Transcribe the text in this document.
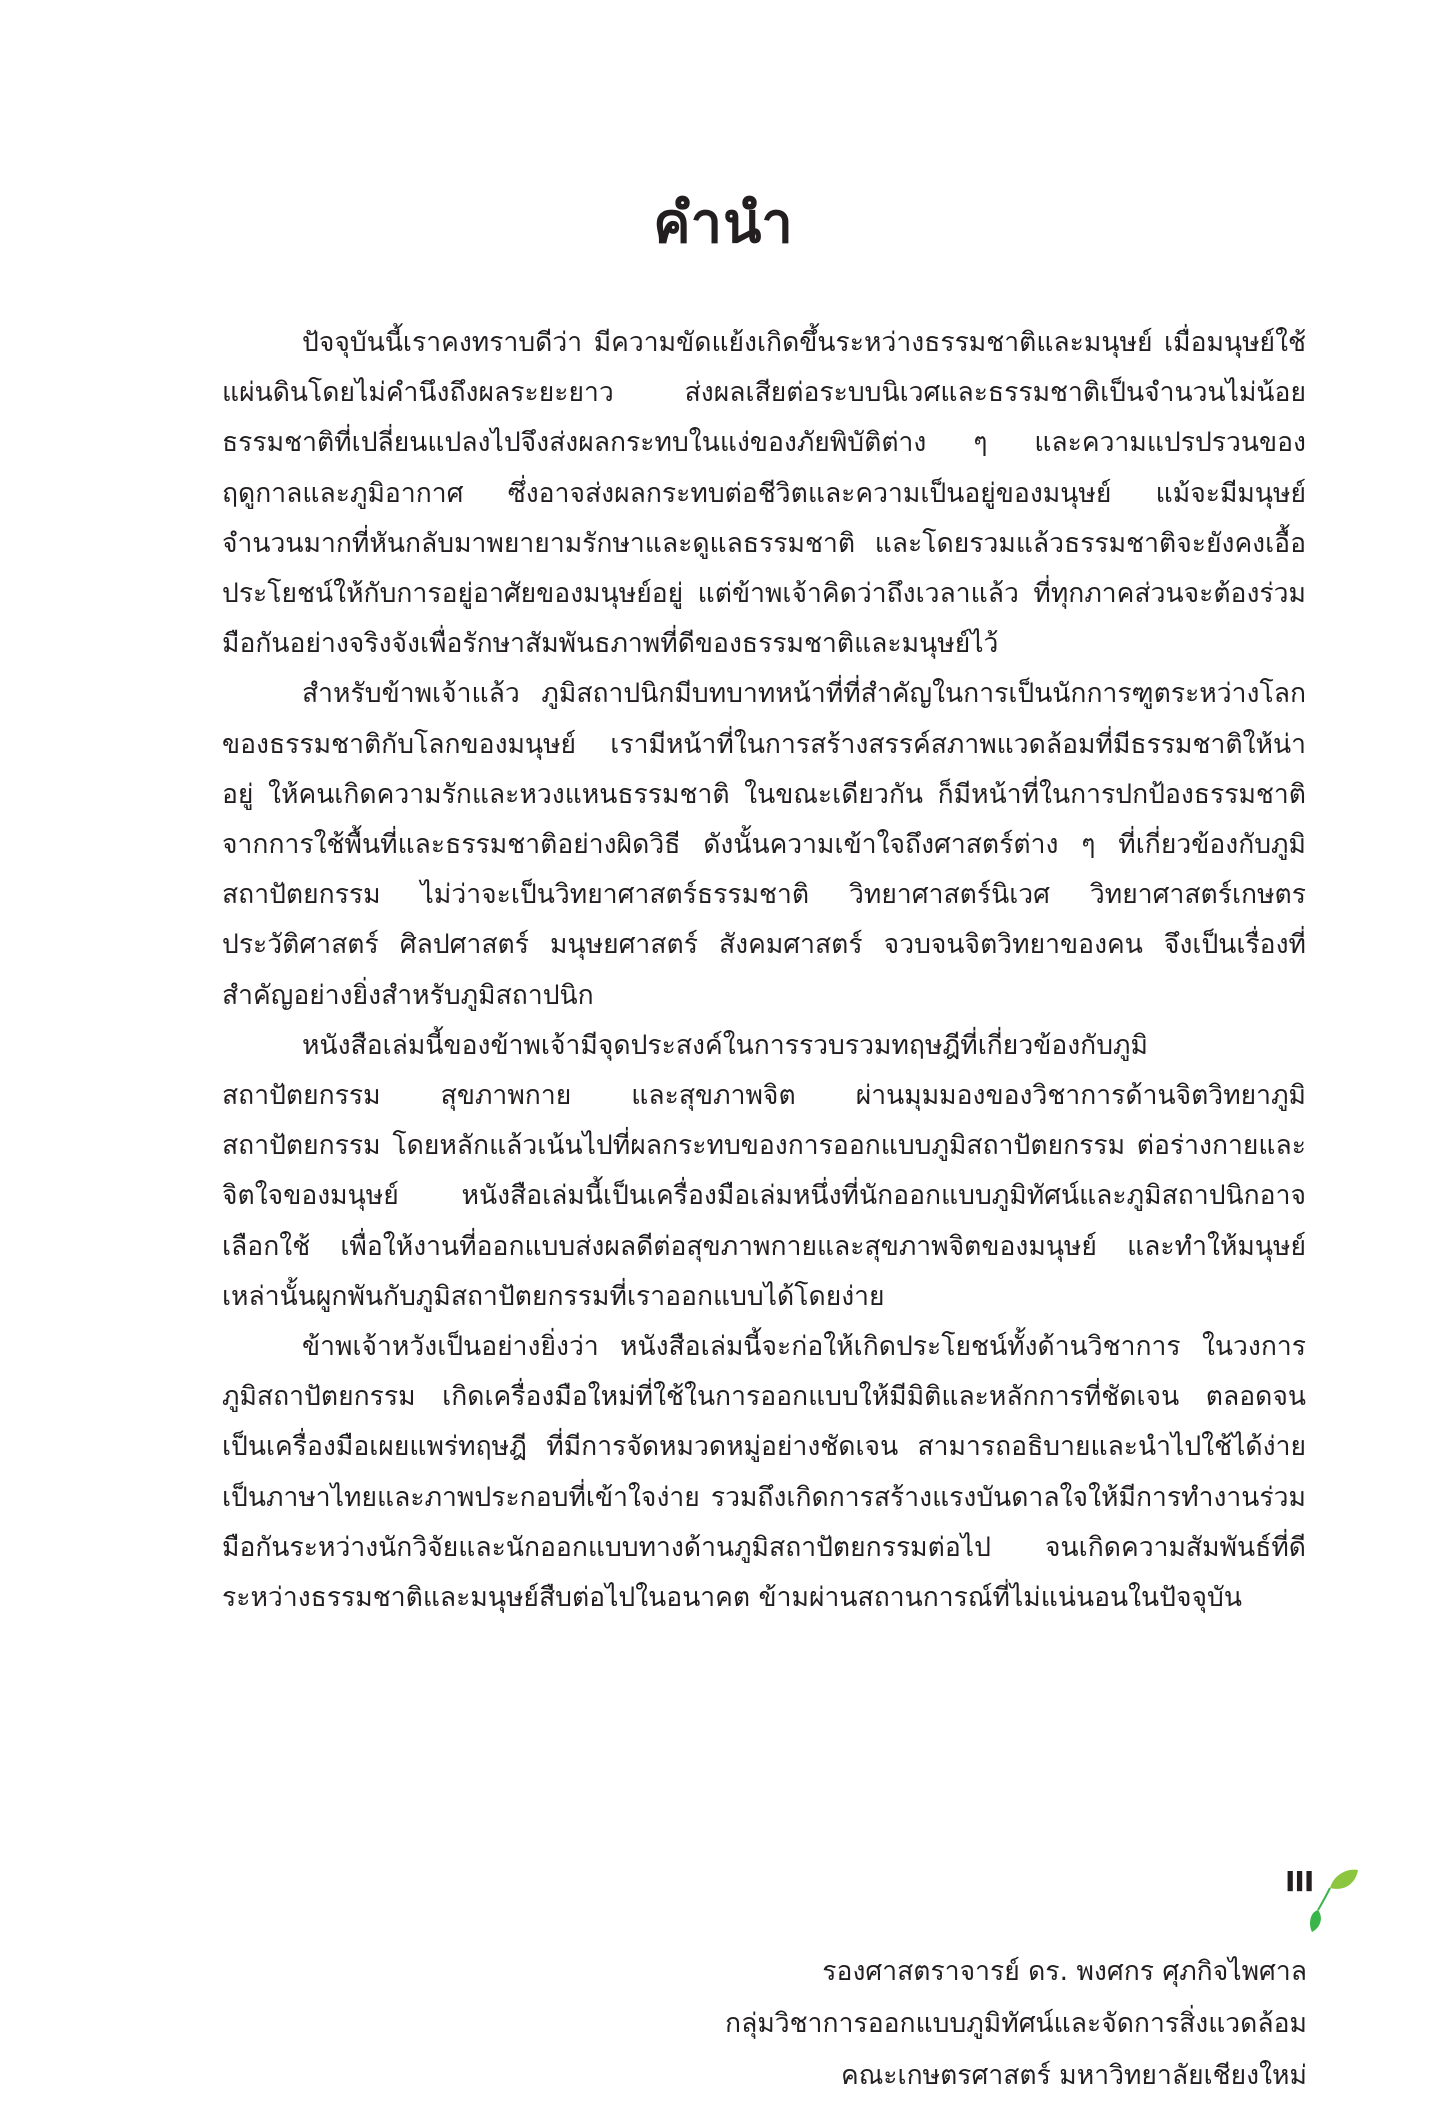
คำนำ

ปัจจุบันนี้เราคงทราบดีว่า มีความขัดแย้งเกิดขึ้นระหว่างธรรมชาติและมนุษย์ เมื่อมนุษย์ใช้แผ่นดินโดยไม่คำนึงถึงผลระยะยาว ส่งผลเสียต่อระบบนิเวศและธรรมชาติเป็นจำนวนไม่น้อย ธรรมชาติที่เปลี่ยนแปลงไปจึงส่งผลกระทบในแง่ของภัยพิบัติต่าง ๆ และความแปรปรวนของฤดูกาลและภูมิอากาศ ซึ่งอาจส่งผลกระทบต่อชีวิตและความเป็นอยู่ของมนุษย์ แม้จะมีมนุษย์จำนวนมากที่หันกลับมาพยายามรักษาและดูแลธรรมชาติ และโดยรวมแล้วธรรมชาติจะยังคงเอื้อประโยชน์ให้กับการอยู่อาศัยของมนุษย์อยู่ แต่ข้าพเจ้าคิดว่าถึงเวลาแล้ว ที่ทุกภาคส่วนจะต้องร่วมมือกันอย่างจริงจังเพื่อรักษาสัมพันธภาพที่ดีของธรรมชาติและมนุษย์ไว้

สำหรับข้าพเจ้าแล้ว ภูมิสถาปนิกมีบทบาทหน้าที่ที่สำคัญในการเป็นนักการฑูตระหว่างโลกของธรรมชาติกับโลกของมนุษย์ เรามีหน้าที่ในการสร้างสรรค์สภาพแวดล้อมที่มีธรรมชาติให้น่าอยู่ ให้คนเกิดความรักและหวงแหนธรรมชาติ ในขณะเดียวกัน ก็มีหน้าที่ในการปกป้องธรรมชาติจากการใช้พื้นที่และธรรมชาติอย่างผิดวิธี ดังนั้นความเข้าใจถึงศาสตร์ต่าง ๆ ที่เกี่ยวข้องกับภูมิสถาปัตยกรรม ไม่ว่าจะเป็นวิทยาศาสตร์ธรรมชาติ วิทยาศาสตร์นิเวศ วิทยาศาสตร์เกษตร ประวัติศาสตร์ ศิลปศาสตร์ มนุษยศาสตร์ สังคมศาสตร์ จวบจนจิตวิทยาของคน จึงเป็นเรื่องที่สำคัญอย่างยิ่งสำหรับภูมิสถาปนิก

หนังสือเล่มนี้ของข้าพเจ้ามีจุดประสงค์ในการรวบรวมทฤษฎีที่เกี่ยวข้องกับภูมิสถาปัตยกรรม สุขภาพกาย และสุขภาพจิต ผ่านมุมมองของวิชาการด้านจิตวิทยาภูมิสถาปัตยกรรม โดยหลักแล้วเน้นไปที่ผลกระทบของการออกแบบภูมิสถาปัตยกรรม ต่อร่างกายและจิตใจของมนุษย์ หนังสือเล่มนี้เป็นเครื่องมือเล่มหนึ่งที่นักออกแบบภูมิทัศน์และภูมิสถาปนิกอาจเลือกใช้ เพื่อให้งานที่ออกแบบส่งผลดีต่อสุขภาพกายและสุขภาพจิตของมนุษย์ และทำให้มนุษย์เหล่านั้นผูกพันกับภูมิสถาปัตยกรรมที่เราออกแบบได้โดยง่าย

ข้าพเจ้าหวังเป็นอย่างยิ่งว่า หนังสือเล่มนี้จะก่อให้เกิดประโยชน์ทั้งด้านวิชาการ ในวงการภูมิสถาปัตยกรรม เกิดเครื่องมือใหม่ที่ใช้ในการออกแบบให้มีมิติและหลักการที่ชัดเจน ตลอดจนเป็นเครื่องมือเผยแพร่ทฤษฎี ที่มีการจัดหมวดหมู่อย่างชัดเจน สามารถอธิบายและนำไปใช้ได้ง่ายเป็นภาษาไทยและภาพประกอบที่เข้าใจง่าย รวมถึงเกิดการสร้างแรงบันดาลใจให้มีการทำงานร่วมมือกันระหว่างนักวิจัยและนักออกแบบทางด้านภูมิสถาปัตยกรรมต่อไป จนเกิดความสัมพันธ์ที่ดีระหว่างธรรมชาติและมนุษย์สืบต่อไปในอนาคต ข้ามผ่านสถานการณ์ที่ไม่แน่นอนในปัจจุบัน

รองศาสตราจารย์ ดร. พงศกร ศุภกิจไพศาล
กลุ่มวิชาการออกแบบภูมิทัศน์และจัดการสิ่งแวดล้อม
คณะเกษตรศาสตร์ มหาวิทยาลัยเชียงใหม่
III
